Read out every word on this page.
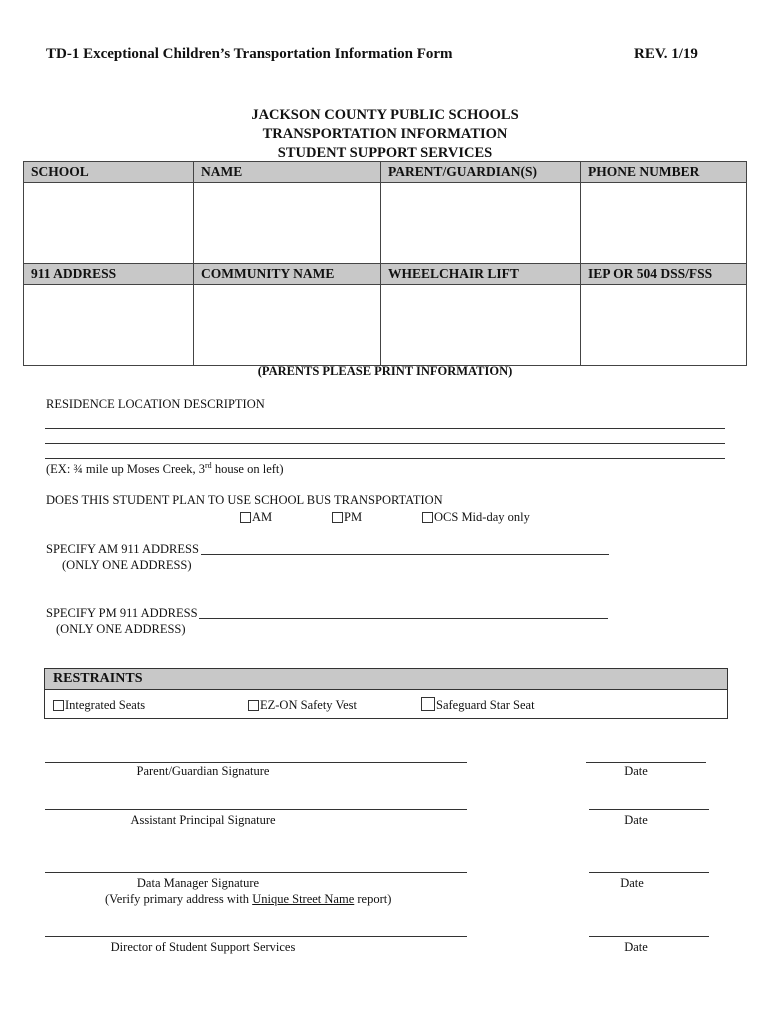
TD-1 Exceptional Children’s Transportation Information Form	REV. 1/19
JACKSON COUNTY PUBLIC SCHOOLS
TRANSPORTATION INFORMATION
STUDENT SUPPORT SERVICES
SCHOOL	NAME	PARENT/GUARDIAN(S)	PHONE NUMBER

911 ADDRESS	COMMUNITY NAME	WHEELCHAIR LIFT	IEP OR 504 DSS/FSS

(PARENTS PLEASE PRINT INFORMATION)
RESIDENCE LOCATION DESCRIPTION
(EX: ¾ mile up Moses Creek, 3rd house on left)
DOES THIS STUDENT PLAN TO USE SCHOOL BUS TRANSPORTATION
AM	PM	OCS Mid-day only
SPECIFY AM 911 ADDRESS
(ONLY ONE ADDRESS)
SPECIFY PM 911 ADDRESS
(ONLY ONE ADDRESS)
RESTRAINTS
Integrated Seats	EZ-ON Safety Vest	Safeguard Star Seat
Parent/Guardian Signature	Date
Assistant Principal Signature	Date
Data Manager Signature	Date
(Verify primary address with Unique Street Name report)
Director of Student Support Services	Date
